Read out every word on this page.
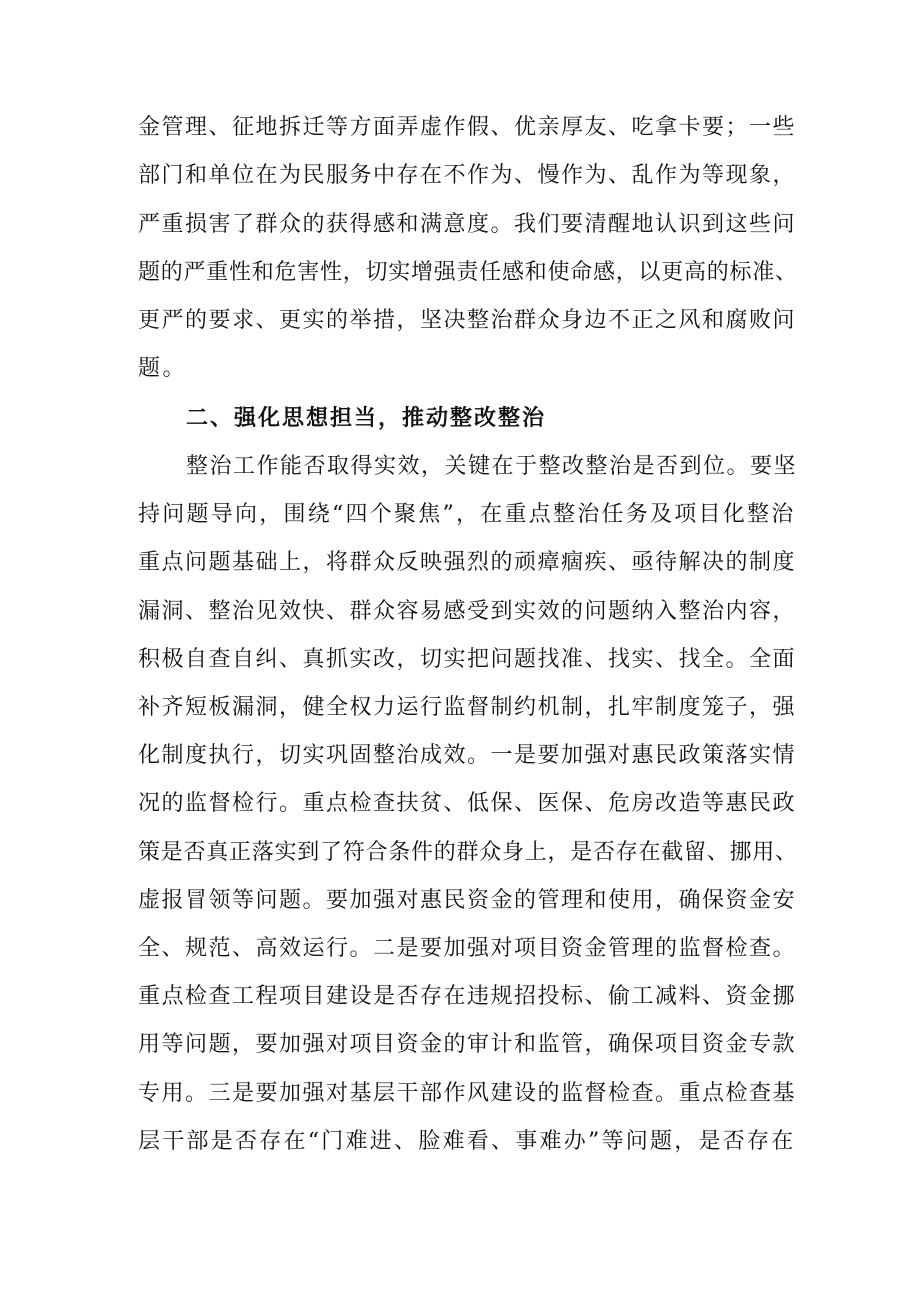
金管理、征地拆迁等方面弄虚作假、优亲厚友、吃拿卡要；一些

部门和单位在为民服务中存在不作为、慢作为、乱作为等现象，

严重损害了群众的获得感和满意度。我们要清醒地认识到这些问

题的严重性和危害性，切实增强责任感和使命感，以更高的标准、

更严的要求、更实的举措，坚决整治群众身边不正之风和腐败问

题。

二、强化思想担当，推动整改整治

整治工作能否取得实效，关键在于整改整治是否到位。要坚

持问题导向，围绕“四个聚焦”，在重点整治任务及项目化整治

重点问题基础上，将群众反映强烈的顽瘴痼疾、亟待解决的制度

漏洞、整治见效快、群众容易感受到实效的问题纳入整治内容，

积极自查自纠、真抓实改，切实把问题找准、找实、找全。全面

补齐短板漏洞，健全权力运行监督制约机制，扎牢制度笼子，强

化制度执行，切实巩固整治成效。一是要加强对惠民政策落实情

况的监督检行。重点检查扶贫、低保、医保、危房改造等惠民政

策是否真正落实到了符合条件的群众身上，是否存在截留、挪用、

虚报冒领等问题。要加强对惠民资金的管理和使用，确保资金安

全、规范、高效运行。二是要加强对项目资金管理的监督检查。

重点检查工程项目建设是否存在违规招投标、偷工减料、资金挪

用等问题，要加强对项目资金的审计和监管，确保项目资金专款

专用。三是要加强对基层干部作风建设的监督检查。重点检查基

层干部是否存在“门难进、脸难看、事难办”等问题，是否存在
